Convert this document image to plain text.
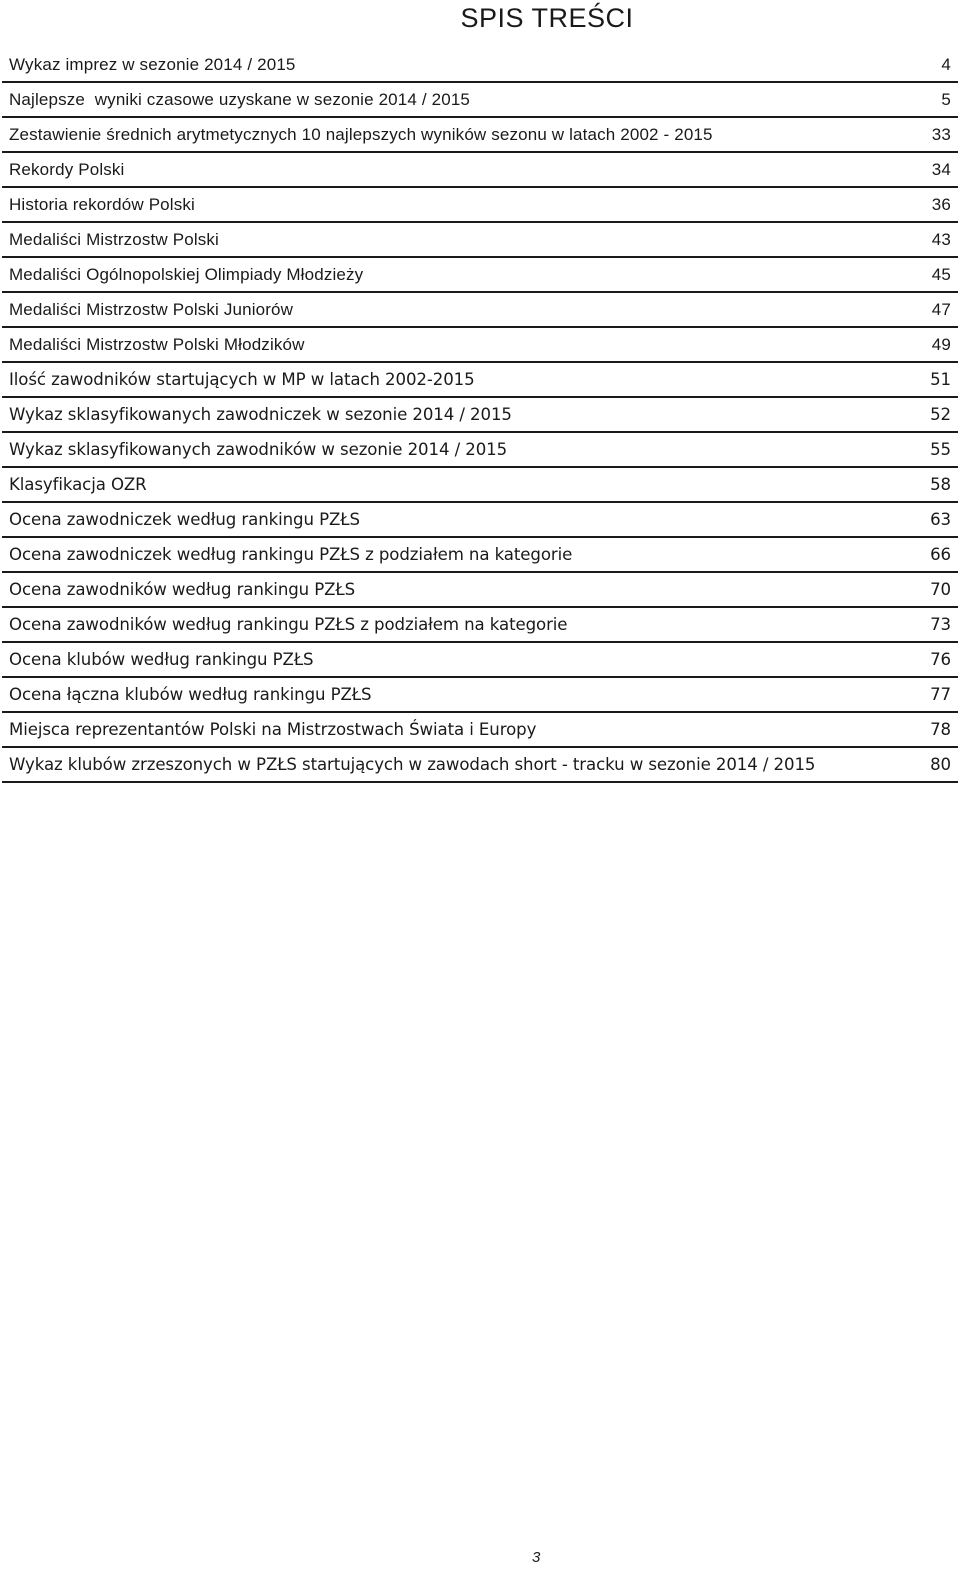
SPIS TREŚCI
Wykaz imprez w sezonie 2014 / 2015	4
Najlepsze  wyniki czasowe uzyskane w sezonie 2014 / 2015	5
Zestawienie średnich arytmetycznych 10 najlepszych wyników sezonu w latach 2002 - 2015	33
Rekordy Polski	34
Historia rekordów Polski	36
Medaliści Mistrzostw Polski	43
Medaliści Ogólnopolskiej Olimpiady Młodzieży	45
Medaliści Mistrzostw Polski Juniorów	47
Medaliści Mistrzostw Polski Młodzików	49
Ilość zawodników startujących w MP w latach 2002-2015	51
Wykaz sklasyfikowanych zawodniczek w sezonie 2014 / 2015	52
Wykaz sklasyfikowanych zawodników w sezonie 2014 / 2015	55
Klasyfikacja OZR	58
Ocena zawodniczek według rankingu PZŁS	63
Ocena zawodniczek według rankingu PZŁS z podziałem na kategorie	66
Ocena zawodników według rankingu PZŁS	70
Ocena zawodników według rankingu PZŁS z podziałem na kategorie	73
Ocena klubów według rankingu PZŁS	76
Ocena łączna klubów według rankingu PZŁS	77
Miejsca reprezentantów Polski na Mistrzostwach Świata i Europy	78
Wykaz klubów zrzeszonych w PZŁS startujących w zawodach short - tracku w sezonie 2014 / 2015	80
3
